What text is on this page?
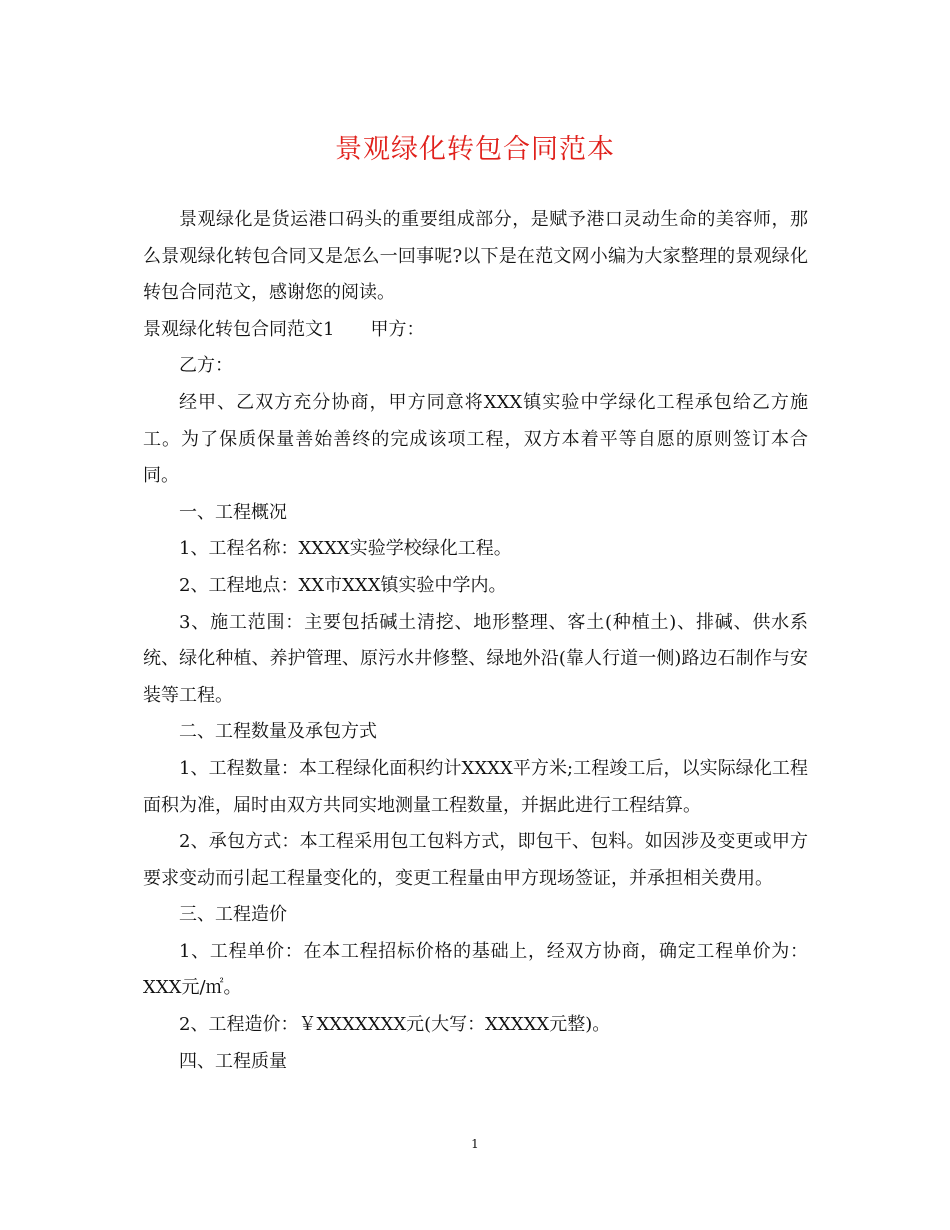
景观绿化转包合同范本

景观绿化是货运港口码头的重要组成部分，是赋予港口灵动生命的美容师，那么景观绿化转包合同又是怎么一回事呢?以下是在范文网小编为大家整理的景观绿化转包合同范文，感谢您的阅读。

景观绿化转包合同范文1　　甲方：

乙方：

经甲、乙双方充分协商，甲方同意将XXX镇实验中学绿化工程承包给乙方施工。为了保质保量善始善终的完成该项工程，双方本着平等自愿的原则签订本合同。

一、工程概况

1、工程名称：XXXX实验学校绿化工程。

2、工程地点：XX市XXX镇实验中学内。

3、施工范围：主要包括碱土清挖、地形整理、客土(种植土)、排碱、供水系统、绿化种植、养护管理、原污水井修整、绿地外沿(靠人行道一侧)路边石制作与安装等工程。

二、工程数量及承包方式

1、工程数量：本工程绿化面积约计XXXX平方米;工程竣工后，以实际绿化工程面积为准，届时由双方共同实地测量工程数量，并据此进行工程结算。

2、承包方式：本工程采用包工包料方式，即包干、包料。如因涉及变更或甲方要求变动而引起工程量变化的，变更工程量由甲方现场签证，并承担相关费用。

三、工程造价

1、工程单价：在本工程招标价格的基础上，经双方协商，确定工程单价为：XXX元/㎡。

2、工程造价：￥XXXXXXX元(大写：XXXXX元整)。

四、工程质量

1
